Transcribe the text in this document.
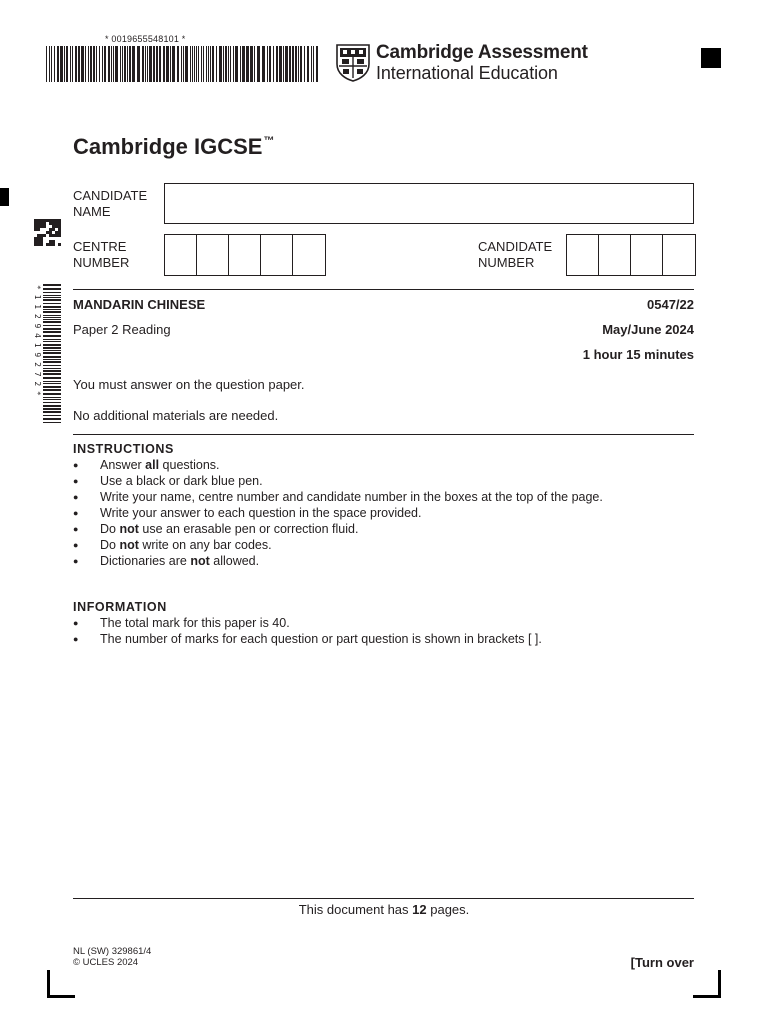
* 0019655548101 *
Cambridge Assessment
International Education
Cambridge IGCSE™
CANDIDATE
NAME
CENTRE
NUMBER
CANDIDATE
NUMBER
* 1 1 2 9 4 1 9 2 7 2 * MANDARIN CHINESE	0547/22
Paper 2 Reading	May/June 2024
1 hour 15 minutes
You must answer on the question paper.
No additional materials are needed.
INSTRUCTIONS
● Answer all questions.
● Use a black or dark blue pen.
● Write your name, centre number and candidate number in the boxes at the top of the page.
● Write your answer to each question in the space provided.
● Do not use an erasable pen or correction fluid.
● Do not write on any bar codes.
● Dictionaries are not allowed.
INFORMATION
● The total mark for this paper is 40.
● The number of marks for each question or part question is shown in brackets [ ].
This document has 12 pages.
NL (SW) 329861/4
© UCLES 2024	[Turn over
